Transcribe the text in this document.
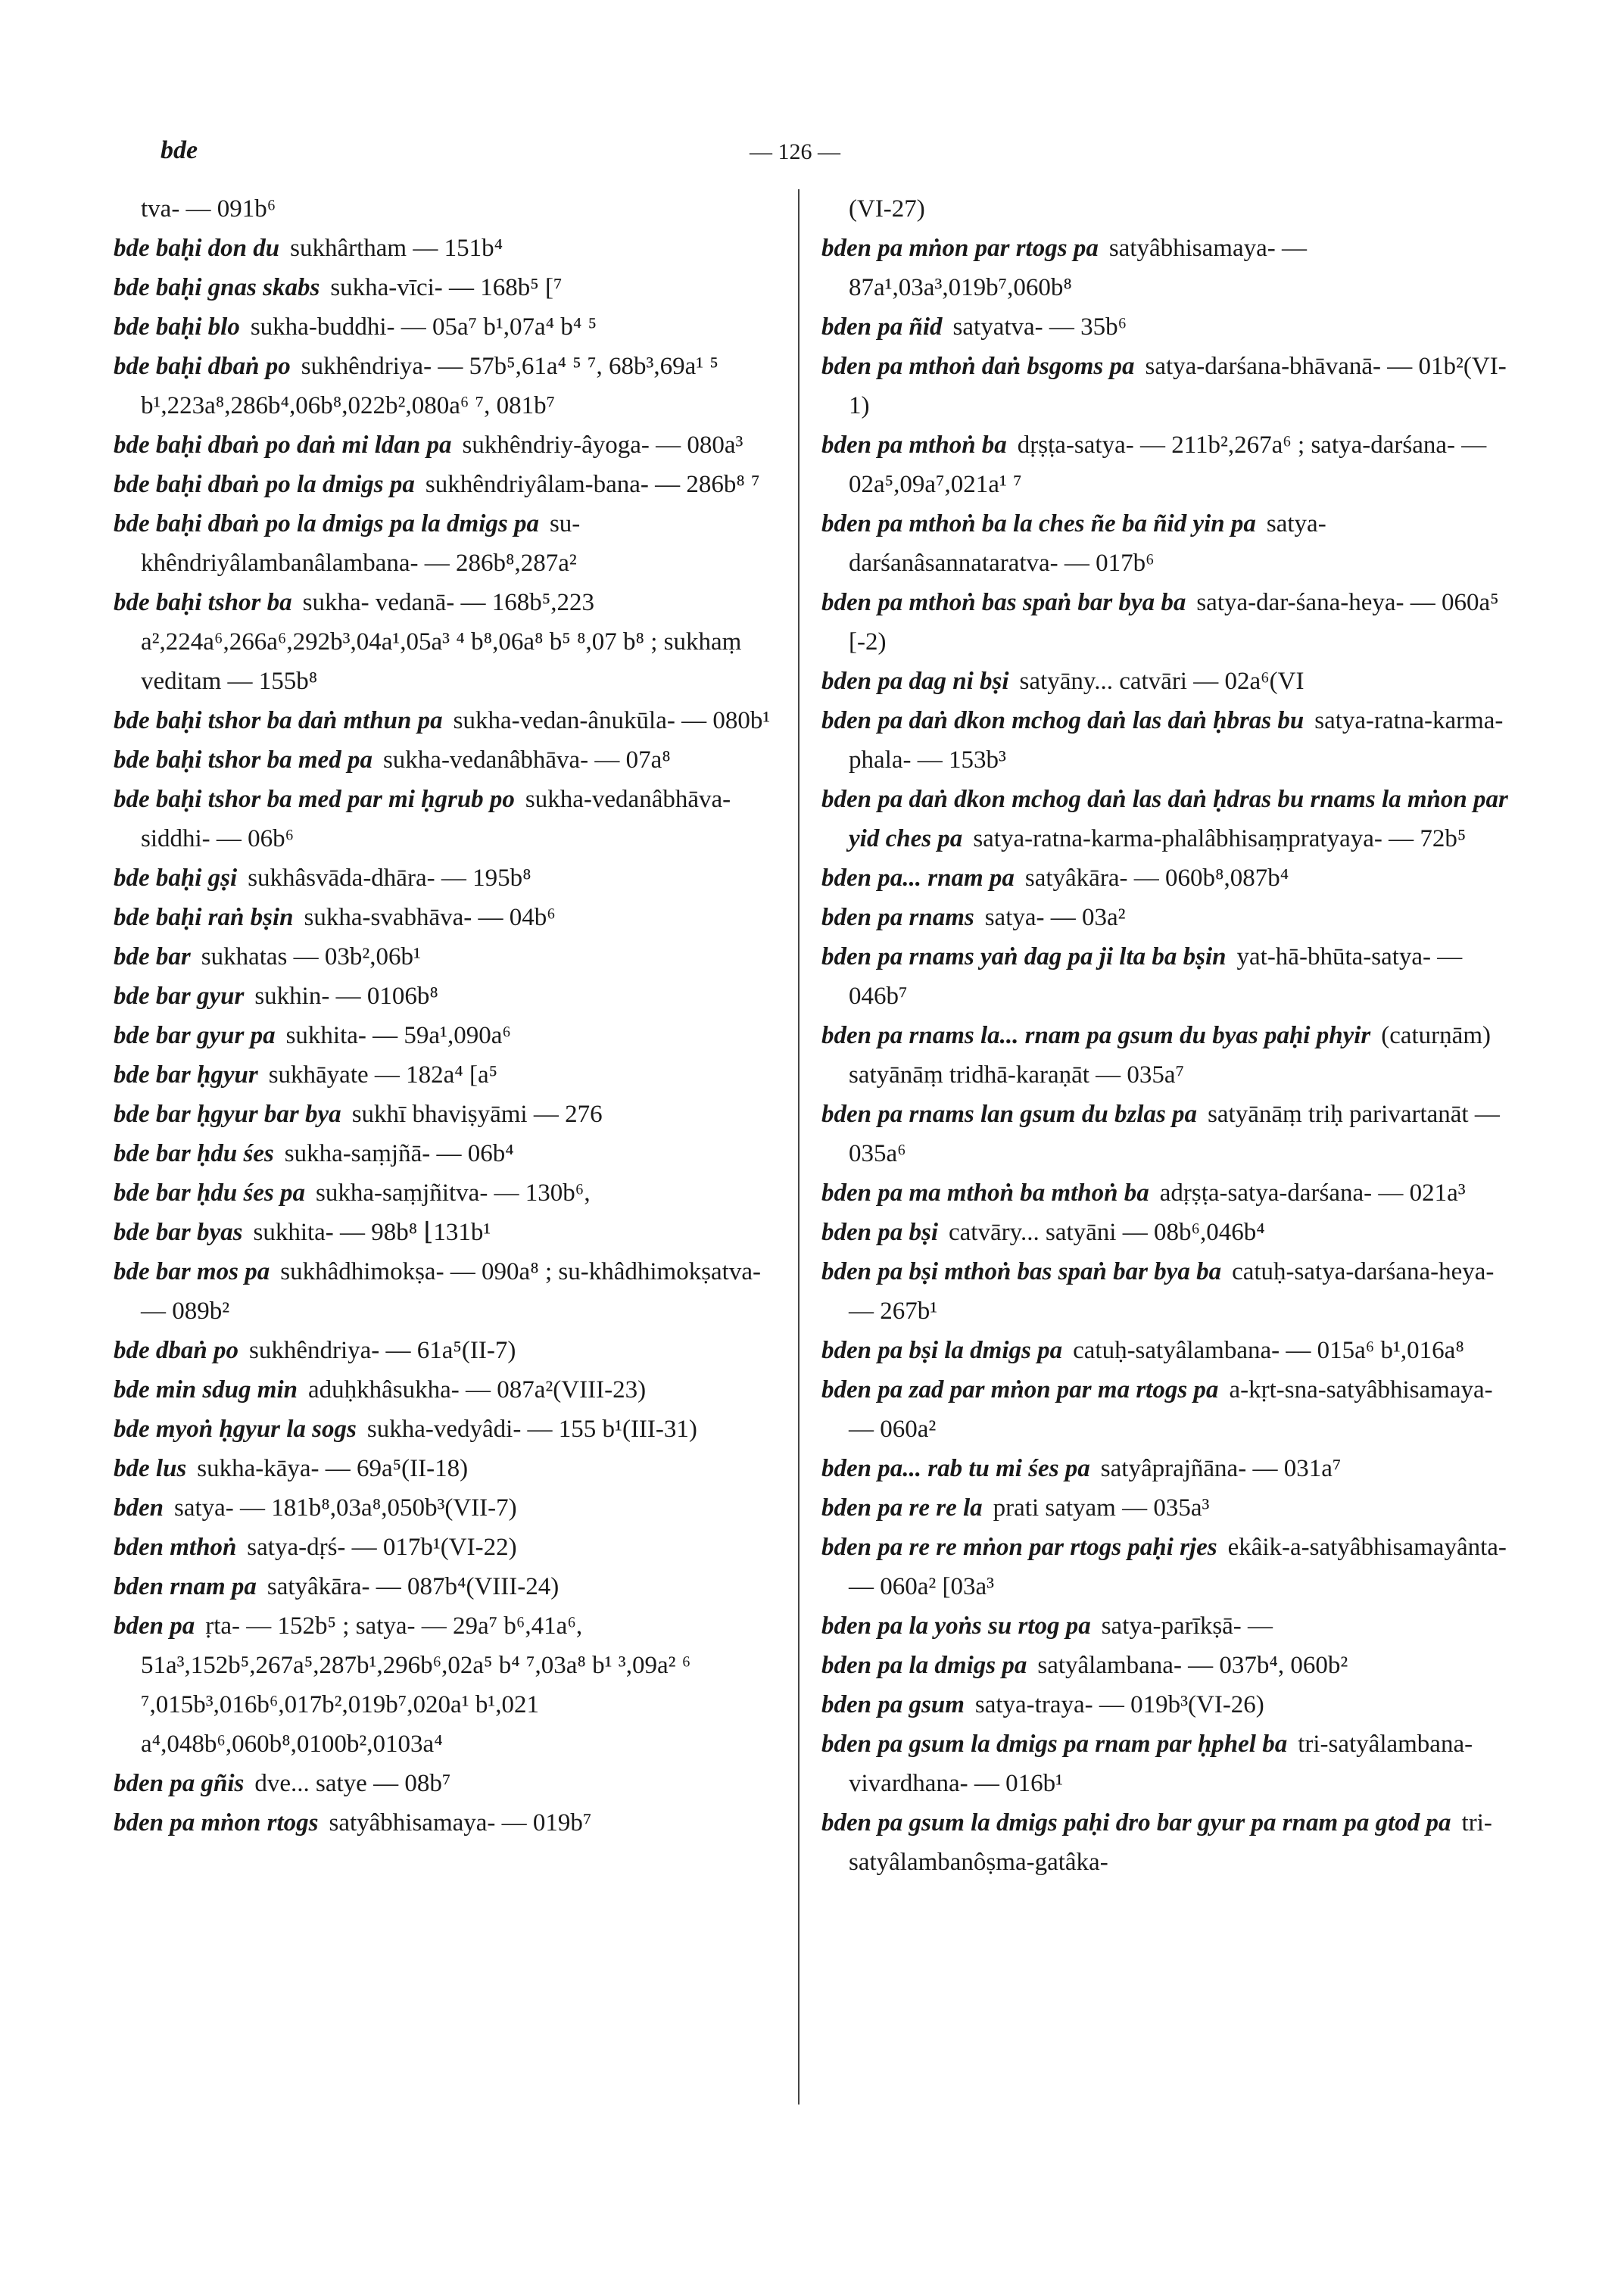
bde	— 126 —

tva- — 091b⁶

bde baḥi don du sukhârtham — 151b⁴

bde baḥi gnas skabs sukha-vīci- — 168b⁵ [⁷

bde baḥi blo sukha-buddhi- — 05a⁷ b¹,07a⁴ b⁴ ⁵

bde baḥi dbaṅ po sukhêndriya- — 57b⁵,61a⁴ ⁵ ⁷, 68b³,69a¹ ⁵ b¹,223a⁸,286b⁴,06b⁸,022b²,080a⁶ ⁷, 081b⁷

bde baḥi dbaṅ po daṅ mi ldan pa sukhêndriy-âyoga- — 080a³

bde baḥi dbaṅ po la dmigs pa sukhêndriyâlam-bana- — 286b⁸ ⁷

bde baḥi dbaṅ po la dmigs pa la dmigs pa su-khêndriyâlambanâlambana- — 286b⁸,287a²

bde baḥi tshor ba sukha- vedanā- — 168b⁵,223 a²,224a⁶,266a⁶,292b³,04a¹,05a³ ⁴ b⁸,06a⁸ b⁵ ⁸,07 b⁸ ; sukhaṃ veditam — 155b⁸

bde baḥi tshor ba daṅ mthun pa sukha-vedan-ânukūla- — 080b¹

bde baḥi tshor ba med pa sukha-vedanâbhāva- — 07a⁸

bde baḥi tshor ba med par mi ḥgrub po sukha-vedanâbhāva-siddhi- — 06b⁶

bde baḥi gṣi sukhâsvāda-dhāra- — 195b⁸

bde baḥi raṅ bṣin sukha-svabhāva- — 04b⁶

bde bar sukhatas — 03b²,06b¹

bde bar gyur sukhin- — 0106b⁸

bde bar gyur pa sukhita- — 59a¹,090a⁶

bde bar ḥgyur sukhāyate — 182a⁴ [a⁵

bde bar ḥgyur bar bya sukhī bhaviṣyāmi — 276

bde bar ḥdu śes sukha-saṃjñā- — 06b⁴

bde bar ḥdu śes pa sukha-saṃjñitva- — 130b⁶,

bde bar byas sukhita- — 98b⁸ ⌊131b¹

bde bar mos pa sukhâdhimokṣa- — 090a⁸ ; su-khâdhimokṣatva- — 089b²

bde dbaṅ po sukhêndriya- — 61a⁵(II-7)

bde min sdug min aduḥkhâsukha- — 087a²(VIII-23)

bde myoṅ ḥgyur la sogs sukha-vedyâdi- — 155 b¹(III-31)

bde lus sukha-kāya- — 69a⁵(II-18)

bden satya- — 181b⁸,03a⁸,050b³(VII-7)

bden mthoṅ satya-dṛś- — 017b¹(VI-22)

bden rnam pa satyâkāra- — 087b⁴(VIII-24)

bden pa ṛta- — 152b⁵ ; satya- — 29a⁷ b⁶,41a⁶, 51a³,152b⁵,267a⁵,287b¹,296b⁶,02a⁵ b⁴ ⁷,03a⁸ b¹ ³,09a² ⁶ ⁷,015b³,016b⁶,017b²,019b⁷,020a¹ b¹,021 a⁴,048b⁶,060b⁸,0100b²,0103a⁴

bden pa gñis dve... satye — 08b⁷

bden pa mṅon rtogs satyâbhisamaya- — 019b⁷

(VI-27)

bden pa mṅon par rtogs pa satyâbhisamaya- — 87a¹,03a³,019b⁷,060b⁸

bden pa ñid satyatva- — 35b⁶

bden pa mthoṅ daṅ bsgoms pa satya-darśana-bhāvanā- — 01b²(VI-1)

bden pa mthoṅ ba dṛṣṭa-satya- — 211b²,267a⁶ ; satya-darśana- — 02a⁵,09a⁷,021a¹ ⁷

bden pa mthoṅ ba la ches ñe ba ñid yin pa satya-darśanâsannataratva- — 017b⁶

bden pa mthoṅ bas spaṅ bar bya ba satya-dar-śana-heya- — 060a⁵ [-2)

bden pa dag ni bṣi satyāny... catvāri — 02a⁶(VI

bden pa daṅ dkon mchog daṅ las daṅ ḥbras bu satya-ratna-karma-phala- — 153b³

bden pa daṅ dkon mchog daṅ las daṅ ḥdras bu rnams la mṅon par yid ches pa satya-ratna-karma-phalâbhisaṃpratyaya- — 72b⁵

bden pa... rnam pa satyâkāra- — 060b⁸,087b⁴

bden pa rnams satya- — 03a²

bden pa rnams yaṅ dag pa ji lta ba bṣin yat-hā-bhūta-satya- — 046b⁷

bden pa rnams la... rnam pa gsum du byas paḥi phyir (caturṇām) satyānāṃ tridhā-karaṇāt — 035a⁷

bden pa rnams lan gsum du bzlas pa satyānāṃ triḥ parivartanāt — 035a⁶

bden pa ma mthoṅ ba mthoṅ ba adṛṣṭa-satya-darśana- — 021a³

bden pa bṣi catvāry... satyāni — 08b⁶,046b⁴

bden pa bṣi mthoṅ bas spaṅ bar bya ba catuḥ-satya-darśana-heya- — 267b¹

bden pa bṣi la dmigs pa catuḥ-satyâlambana- — 015a⁶ b¹,016a⁸

bden pa zad par mṅon par ma rtogs pa a-kṛt-sna-satyâbhisamaya- — 060a²

bden pa... rab tu mi śes pa satyâprajñāna- — 031a⁷

bden pa re re la prati satyam — 035a³

bden pa re re mṅon par rtogs paḥi rjes ekâik-a-satyâbhisamayânta- — 060a² [03a³

bden pa la yoṅs su rtog pa satya-parīkṣā- —

bden pa la dmigs pa satyâlambana- — 037b⁴, 060b²

bden pa gsum satya-traya- — 019b³(VI-26)

bden pa gsum la dmigs pa rnam par ḥphel ba tri-satyâlambana-vivardhana- — 016b¹

bden pa gsum la dmigs paḥi dro bar gyur pa rnam pa gtod pa tri-satyâlambanôṣma-gatâka-
